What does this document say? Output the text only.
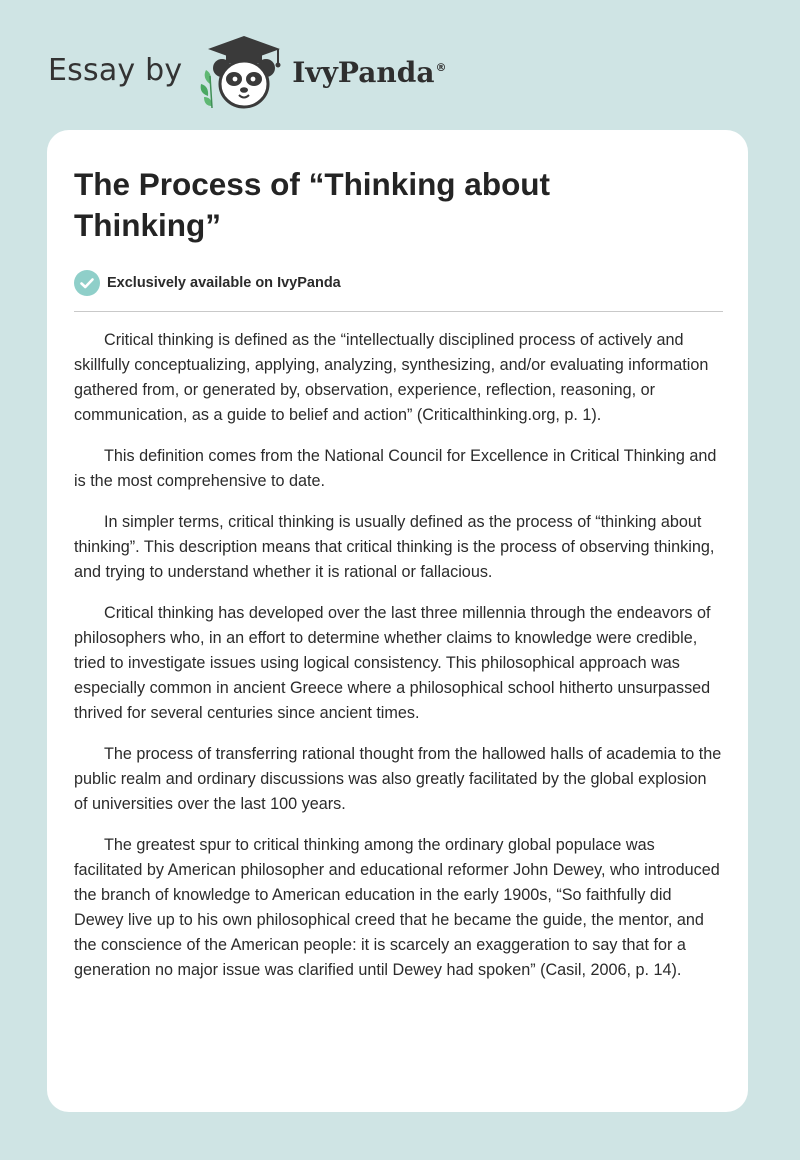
Essay by	IvyPanda®
The Process of “Thinking about Thinking”
Exclusively available on IvyPanda

Critical thinking is defined as the “intellectually disciplined process of actively and skillfully conceptualizing, applying, analyzing, synthesizing, and/or evaluating information gathered from, or generated by, observation, experience, reflection, reasoning, or communication, as a guide to belief and action” (Criticalthinking.org, p. 1).

This definition comes from the National Council for Excellence in Critical Thinking and is the most comprehensive to date.

In simpler terms, critical thinking is usually defined as the process of “thinking about thinking”. This description means that critical thinking is the process of observing thinking, and trying to understand whether it is rational or fallacious.

Critical thinking has developed over the last three millennia through the endeavors of philosophers who, in an effort to determine whether claims to knowledge were credible, tried to investigate issues using logical consistency. This philosophical approach was especially common in ancient Greece where a philosophical school hitherto unsurpassed thrived for several centuries since ancient times.

The process of transferring rational thought from the hallowed halls of academia to the public realm and ordinary discussions was also greatly facilitated by the global explosion of universities over the last 100 years.

The greatest spur to critical thinking among the ordinary global populace was facilitated by American philosopher and educational reformer John Dewey, who introduced the branch of knowledge to American education in the early 1900s, “So faithfully did Dewey live up to his own philosophical creed that he became the guide, the mentor, and the conscience of the American people: it is scarcely an exaggeration to say that for a generation no major issue was clarified until Dewey had spoken” (Casil, 2006, p. 14).
